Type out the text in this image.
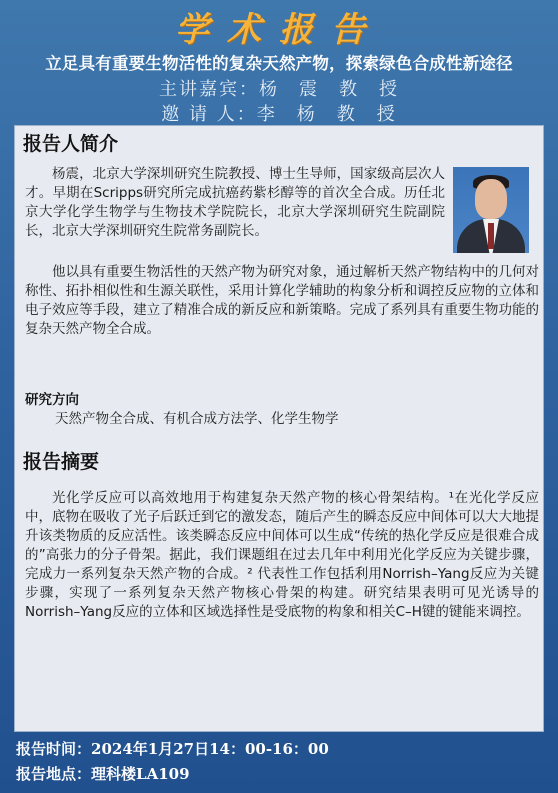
学术报告
立足具有重要生物活性的复杂天然产物，探索绿色合成性新途径
主讲嘉宾：杨　震　教　授
邀 请 人：李　杨　教　授
报告人简介
杨震，北京大学深圳研究生院教授、博士生导师，国家级高层次人才。早期在Scripps研究所完成抗癌药紫杉醇等的首次全合成。历任北京大学化学生物学与生物技术学院院长，北京大学深圳研究生院副院长，北京大学深圳研究生院常务副院长。
他以具有重要生物活性的天然产物为研究对象，通过解析天然产物结构中的几何对称性、拓扑相似性和生源关联性，采用计算化学辅助的构象分析和调控反应物的立体和电子效应等手段，建立了精准合成的新反应和新策略。完成了系列具有重要生物功能的复杂天然产物全合成。
研究方向
天然产物全合成、有机合成方法学、化学生物学
报告摘要
光化学反应可以高效地用于构建复杂天然产物的核心骨架结构。¹在光化学反应中，底物在吸收了光子后跃迁到它的激发态，随后产生的瞬态反应中间体可以大大地提升该类物质的反应活性。该类瞬态反应中间体可以生成“传统的热化学反应是很难合成的”高张力的分子骨架。据此，我们课题组在过去几年中利用光化学反应为关键步骤，完成力一系列复杂天然产物的合成。² 代表性工作包括利用Norrish–Yang反应为关键步骤，实现了一系列复杂天然产物核心骨架的构建。研究结果表明可见光诱导的Norrish–Yang反应的立体和区域选择性是受底物的构象和相关C–H键的键能来调控。
报告时间：2024年1月27日14：00-16：00
报告地点：理科楼LA109
